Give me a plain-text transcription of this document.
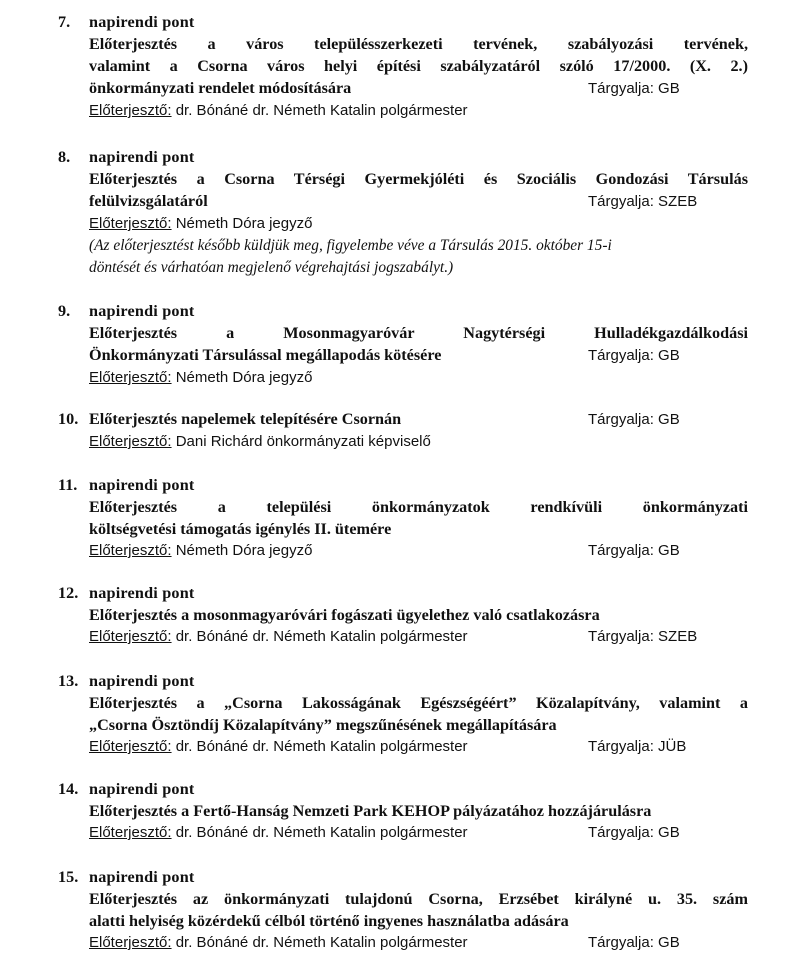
7. napirendi pont
Előterjesztés a város településszerkezeti tervének, szabályozási tervének,
valamint a Csorna város helyi építési szabályzatáról szóló 17/2000. (X. 2.)
önkormányzati rendelet módosítására	Tárgyalja: GB
Előterjesztő: dr. Bónáné dr. Németh Katalin polgármester
8. napirendi pont
Előterjesztés a Csorna Térségi Gyermekjóléti és Szociális Gondozási Társulás
felülvizsgálatáról	Tárgyalja: SZEB
Előterjesztő: Németh Dóra jegyző
(Az előterjesztést később küldjük meg, figyelembe véve a Társulás 2015. október 15-i
döntését és várhatóan megjelenő végrehajtási jogszabályt.)
9. napirendi pont
Előterjesztés a Mosonmagyaróvár Nagytérségi Hulladékgazdálkodási
Önkormányzati Társulással megállapodás kötésére	Tárgyalja: GB
Előterjesztő: Németh Dóra jegyző
10. Előterjesztés napelemek telepítésére Csornán	Tárgyalja: GB
Előterjesztő: Dani Richárd önkormányzati képviselő
11. napirendi pont
Előterjesztés a települési önkormányzatok rendkívüli önkormányzati
költségvetési támogatás igénylés II. ütemére
Előterjesztő: Németh Dóra jegyző	Tárgyalja: GB
12. napirendi pont
Előterjesztés a mosonmagyaróvári fogászati ügyelethez való csatlakozásra
Előterjesztő: dr. Bónáné dr. Németh Katalin polgármester	Tárgyalja: SZEB
13. napirendi pont
Előterjesztés a „Csorna Lakosságának Egészségéért” Közalapítvány, valamint a
„Csorna Ösztöndíj Közalapítvány” megszűnésének megállapítására
Előterjesztő: dr. Bónáné dr. Németh Katalin polgármester	Tárgyalja: JÜB
14. napirendi pont
Előterjesztés a Fertő-Hanság Nemzeti Park KEHOP pályázatához hozzájárulásra
Előterjesztő: dr. Bónáné dr. Németh Katalin polgármester	Tárgyalja: GB
15. napirendi pont
Előterjesztés az önkormányzati tulajdonú Csorna, Erzsébet királyné u. 35. szám
alatti helyiség közérdekű célból történő ingyenes használatba adására
Előterjesztő: dr. Bónáné dr. Németh Katalin polgármester	Tárgyalja: GB
